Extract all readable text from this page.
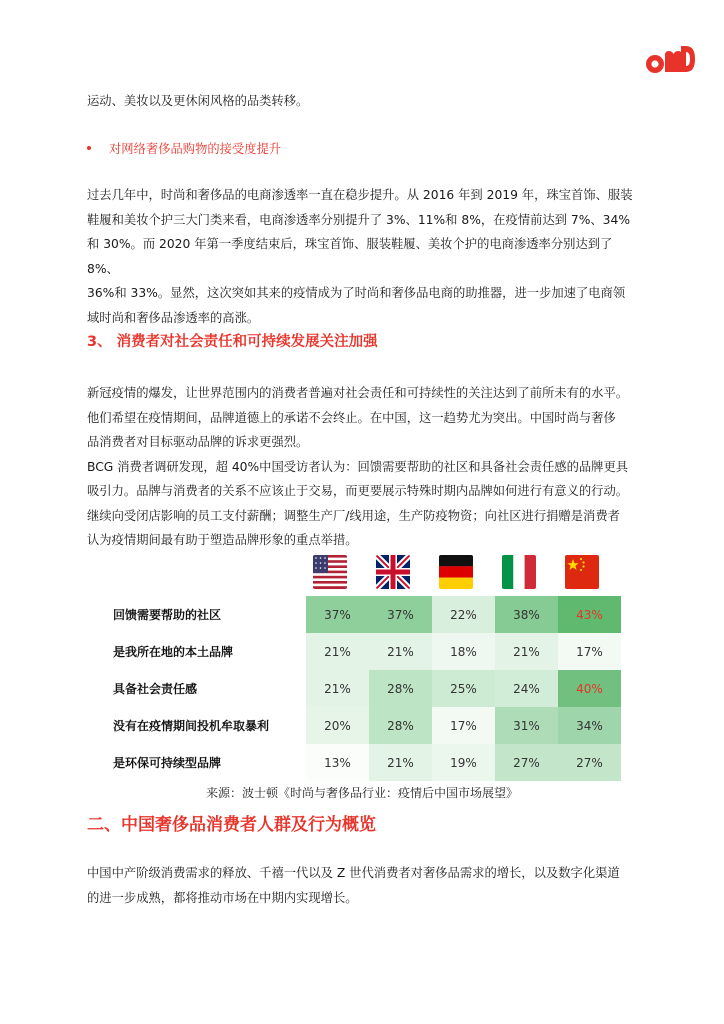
运动、美妆以及更休闲风格的品类转移。

对网络奢侈品购物的接受度提升
过去几年中，时尚和奢侈品的电商渗透率一直在稳步提升。从 2016 年到 2019 年，珠宝首饰、服装
鞋履和美妆个护三大门类来看，电商渗透率分别提升了 3%、11%和 8%，在疫情前达到 7%、34%
和 30%。而 2020 年第一季度结束后，珠宝首饰、服装鞋履、美妆个护的电商渗透率分别达到了 8%、
36%和 33%。显然，这次突如其来的疫情成为了时尚和奢侈品电商的助推器，进一步加速了电商领
域时尚和奢侈品渗透率的高涨。
3、 消费者对社会责任和可持续发展关注加强
新冠疫情的爆发，让世界范围内的消费者普遍对社会责任和可持续性的关注达到了前所未有的水平。
他们希望在疫情期间，品牌道德上的承诺不会终止。在中国，这一趋势尤为突出。中国时尚与奢侈
品消费者对目标驱动品牌的诉求更强烈。
BCG 消费者调研发现，超 40%中国受访者认为：回馈需要帮助的社区和具备社会责任感的品牌更具
吸引力。品牌与消费者的关系不应该止于交易，而更要展示特殊时期内品牌如何进行有意义的行动。
继续向受闭店影响的员工支付薪酬；调整生产厂/线用途，生产防疫物资；向社区进行捐赠是消费者
认为疫情期间最有助于塑造品牌形象的重点举措。
回馈需要帮助的社区	37%	37%	22%	38%	43%
是我所在地的本土品牌	21%	21%	18%	21%	17%
具备社会责任感	21%	28%	25%	24%	40%
没有在疫情期间投机牟取暴利	20%	28%	17%	31%	34%
是环保可持续型品牌	13%	21%	19%	27%	27%
来源：波士顿《时尚与奢侈品行业：疫情后中国市场展望》
二、中国奢侈品消费者人群及行为概览
中国中产阶级消费需求的释放、千禧一代以及 Z 世代消费者对奢侈品需求的增长，以及数字化渠道
的进一步成熟，都将推动市场在中期内实现增长。
